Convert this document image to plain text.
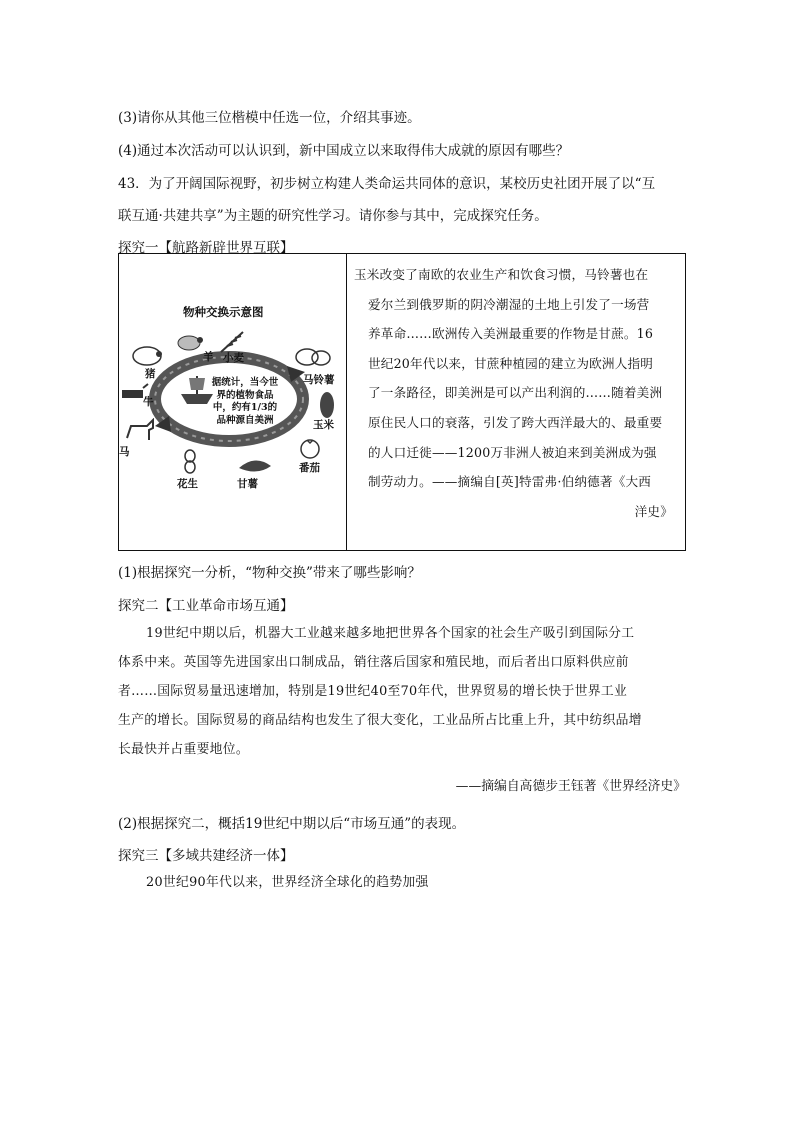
(3)请你从其他三位楷模中任选一位，介绍其事迹。
(4)通过本次活动可以认识到，新中国成立以来取得伟大成就的原因有哪些？
43．为了开阔国际视野，初步树立构建人类命运共同体的意识，某校历史社团开展了以“互
联互通·共建共享”为主题的研究性学习。请你参与其中，完成探究任务。
探究一【航路新辟世界互联】
物种交换示意图
猪
羊 小麦
马铃薯
牛
玉米
马
番茄
花生	甘薯
据统计，当今世
界的植物食品
中，约有1/3的
品种源自美洲
玉米改变了南欧的农业生产和饮食习惯，马铃薯也在
爱尔兰到俄罗斯的阴冷潮湿的土地上引发了一场营
养革命……欧洲传入美洲最重要的作物是甘蔗。16
世纪20年代以来，甘蔗种植园的建立为欧洲人指明
了一条路径，即美洲是可以产出利润的……随着美洲
原住民人口的衰落，引发了跨大西洋最大的、最重要
的人口迁徙——1200万非洲人被迫来到美洲成为强
制劳动力。——摘编自[英]特雷弗·伯纳德著《大西
洋史》
(1)根据探究一分析，“物种交换”带来了哪些影响？
探究二【工业革命市场互通】
19世纪中期以后，机器大工业越来越多地把世界各个国家的社会生产吸引到国际分工
体系中来。英国等先进国家出口制成品，销往落后国家和殖民地，而后者出口原料供应前
者……国际贸易量迅速增加，特别是19世纪40至70年代，世界贸易的增长快于世界工业
生产的增长。国际贸易的商品结构也发生了很大变化，工业品所占比重上升，其中纺织品增
长最快并占重要地位。
——摘编自高德步王钰著《世界经济史》
(2)根据探究二，概括19世纪中期以后“市场互通”的表现。
探究三【多域共建经济一体】
20世纪90年代以来，世界经济全球化的趋势加强
